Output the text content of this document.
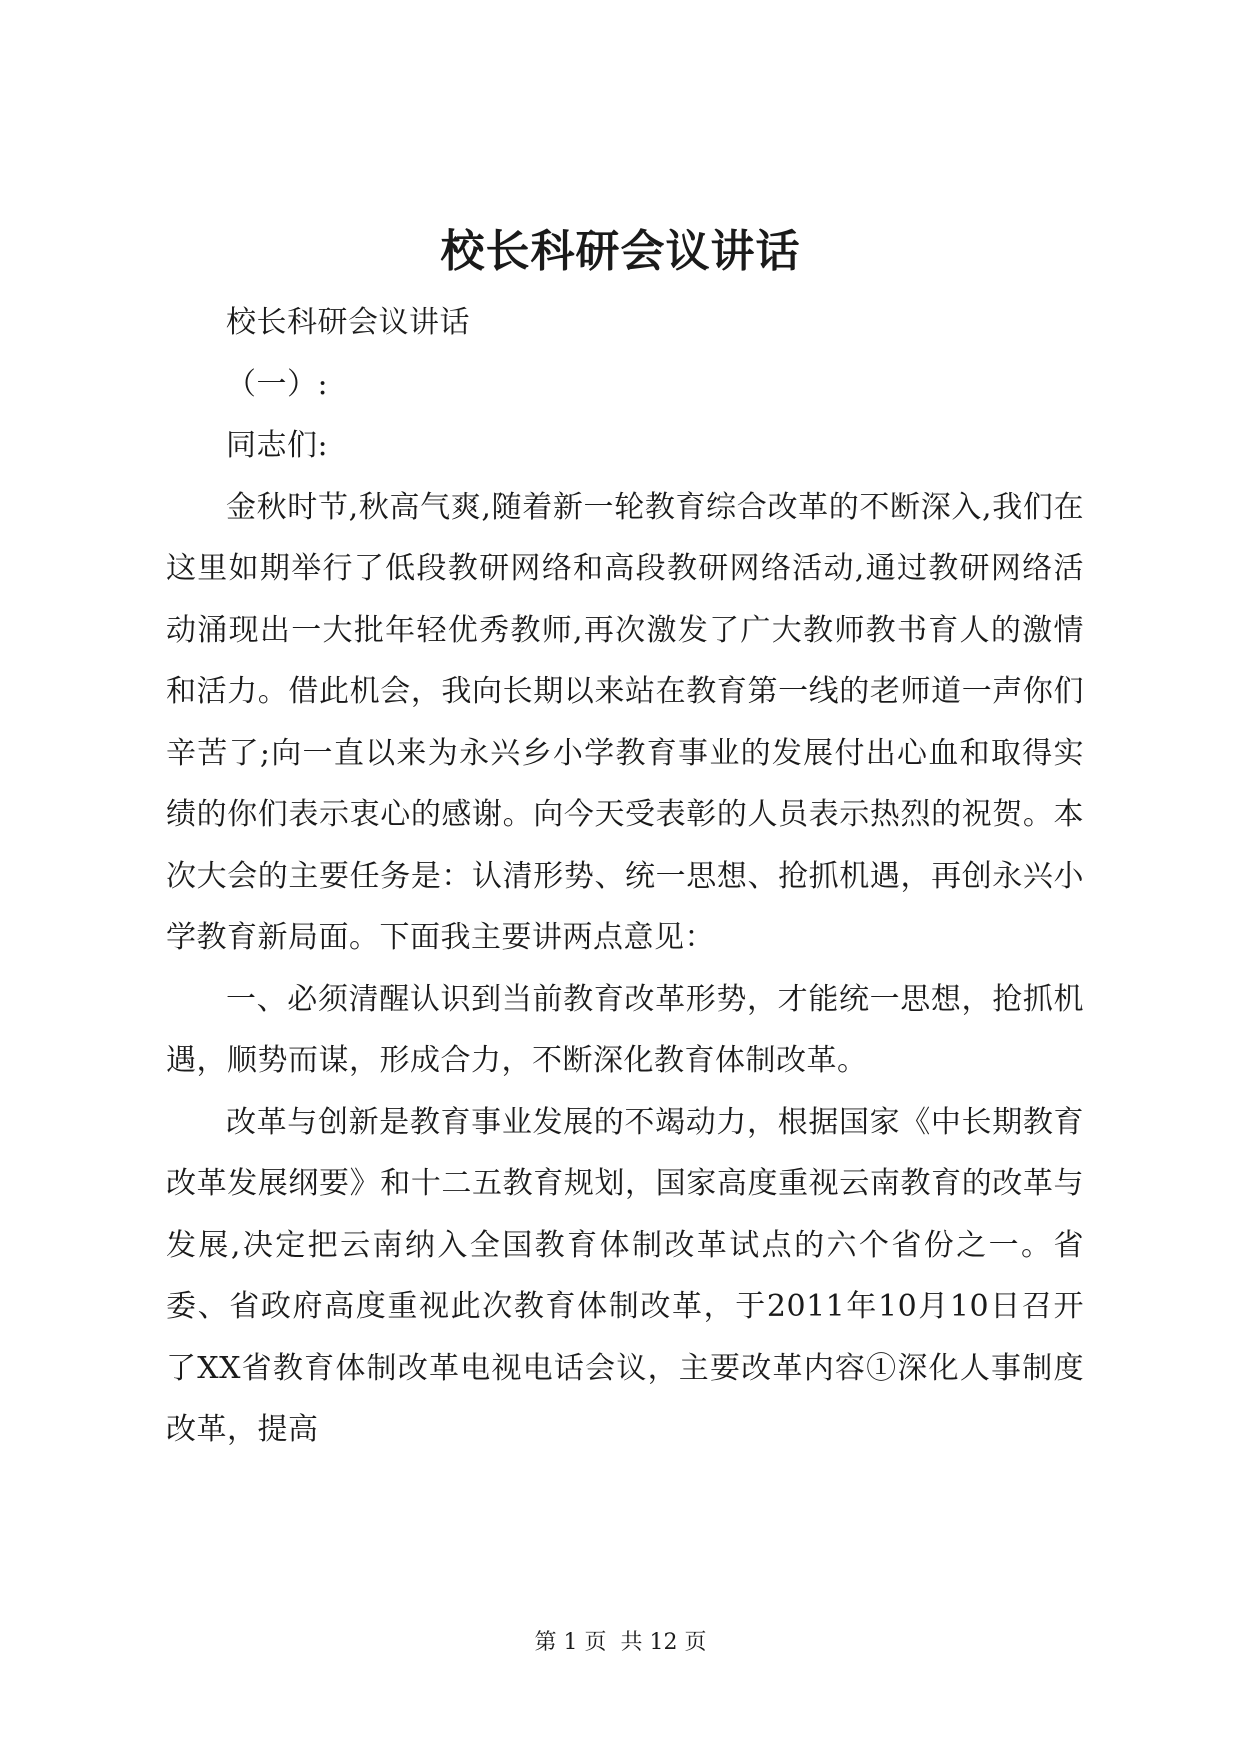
校长科研会议讲话

校长科研会议讲话

（一）:

同志们:

金秋时节,秋高气爽,随着新一轮教育综合改革的不断深入,我们在这里如期举行了低段教研网络和高段教研网络活动,通过教研网络活动涌现出一大批年轻优秀教师,再次激发了广大教师教书育人的激情和活力。借此机会，我向长期以来站在教育第一线的老师道一声你们辛苦了;向一直以来为永兴乡小学教育事业的发展付出心血和取得实绩的你们表示衷心的感谢。向今天受表彰的人员表示热烈的祝贺。本次大会的主要任务是：认清形势、统一思想、抢抓机遇，再创永兴小学教育新局面。下面我主要讲两点意见：

一、必须清醒认识到当前教育改革形势，才能统一思想，抢抓机遇，顺势而谋，形成合力，不断深化教育体制改革。

改革与创新是教育事业发展的不竭动力，根据国家《中长期教育改革发展纲要》和十二五教育规划，国家高度重视云南教育的改革与发展,决定把云南纳入全国教育体制改革试点的六个省份之一。省委、省政府高度重视此次教育体制改革，于2011年10月10日召开了XX省教育体制改革电视电话会议，主要改革内容①深化人事制度改革，提高

第 1 页  共 12 页
